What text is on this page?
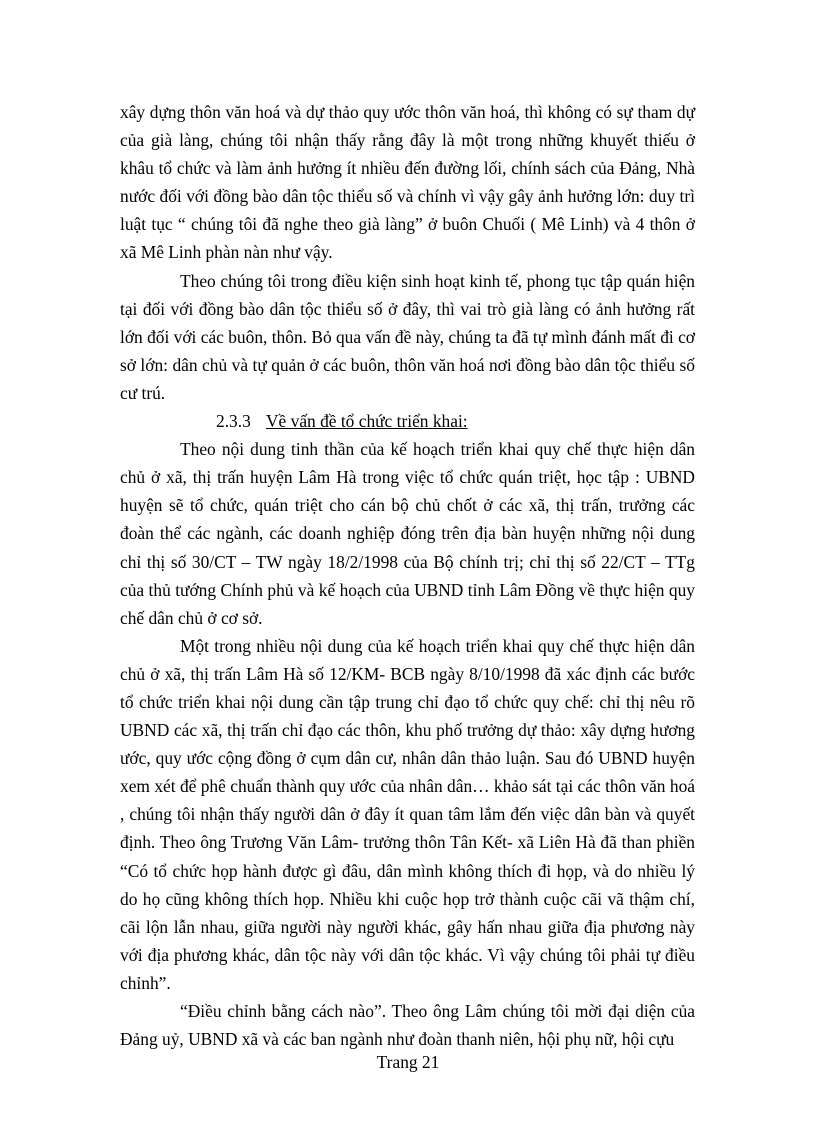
xây dựng thôn văn hoá và dự thảo quy ước thôn văn hoá, thì không có sự tham dự của già làng, chúng tôi nhận thấy rằng đây là một trong những khuyết thiếu ở khâu tổ chức và làm ảnh hưởng ít nhiều đến đường lối, chính sách của Đảng, Nhà nước đối với đồng bào dân tộc thiểu số và chính vì vậy gây ảnh hưởng lớn: duy trì luật tục “ chúng tôi đã nghe theo già làng” ở buôn Chuối ( Mê Linh) và 4 thôn ở xã Mê Linh phàn nàn như vậy.

Theo chúng tôi trong điều kiện sinh hoạt kinh tế, phong tục tập quán hiện tại đối với đồng bào dân tộc thiểu số ở đây, thì vai trò già làng có ảnh hưởng rất lớn đối với các buôn, thôn. Bỏ qua vấn đề này, chúng ta đã tự mình đánh mất đi cơ sở lớn: dân chủ và tự quản ở các buôn, thôn văn hoá nơi đồng bào dân tộc thiểu số cư trú.

2.3.3 Về vấn đề tổ chức triển khai:

Theo nội dung tinh thần của kế hoạch triển khai quy chế thực hiện dân chủ ở xã, thị trấn huyện Lâm Hà trong việc tổ chức quán triệt, học tập : UBND huyện sẽ tổ chức, quán triệt cho cán bộ chủ chốt ở các xã, thị trấn, trưởng các đoàn thể các ngành, các doanh nghiệp đóng trên địa bàn huyện những nội dung chỉ thị số 30/CT – TW ngày 18/2/1998 của Bộ chính trị; chỉ thị số 22/CT – TTg của thủ tướng Chính phủ và kế hoạch của UBND tỉnh Lâm Đồng về thực hiện quy chế dân chủ ở cơ sở.

Một trong nhiều nội dung của kế hoạch triển khai quy chế thực hiện dân chủ ở xã, thị trấn Lâm Hà số 12/KM- BCB ngày 8/10/1998 đã xác định các bước tổ chức triển khai nội dung cần tập trung chỉ đạo tổ chức quy chế: chỉ thị nêu rõ UBND các xã, thị trấn chỉ đạo các thôn, khu phố trưởng dự thảo: xây dựng hương ước, quy ước cộng đồng ở cụm dân cư, nhân dân thảo luận. Sau đó UBND huyện xem xét để phê chuẩn thành quy ước của nhân dân… khảo sát tại các thôn văn hoá , chúng tôi nhận thấy người dân ở đây ít quan tâm lắm đến việc dân bàn và quyết định. Theo ông Trương Văn Lâm- trưởng thôn Tân Kết- xã Liên Hà đã than phiền “Có tổ chức họp hành được gì đâu, dân mình không thích đi họp, và do nhiều lý do họ cũng không thích họp. Nhiều khi cuộc họp trở thành cuộc cãi vã thậm chí, cãi lộn lẫn nhau, giữa người này người khác, gây hấn nhau giữa địa phương này với địa phương khác, dân tộc này với dân tộc khác. Vì vậy chúng tôi phải tự điều chỉnh”.

“Điều chỉnh bằng cách nào”. Theo ông Lâm chúng tôi mời đại diện của Đảng uỷ, UBND xã và các ban ngành như đoàn thanh niên, hội phụ nữ, hội cựu

Trang 21
